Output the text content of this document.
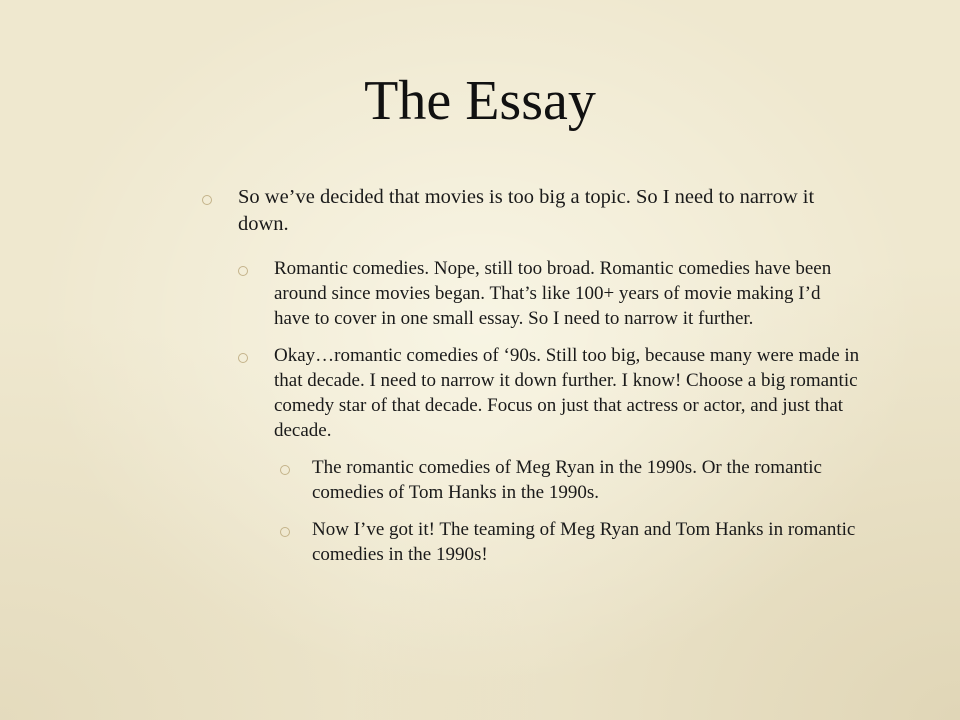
The Essay
So we’ve decided that movies is too big a topic. So I need to narrow it down.
Romantic comedies. Nope, still too broad. Romantic comedies have been around since movies began. That’s like 100+ years of movie making I’d have to cover in one small essay. So I need to narrow it further.
Okay…romantic comedies of ‘90s. Still too big, because many were made in that decade. I need to narrow it down further. I know! Choose a big romantic comedy star of that decade. Focus on just that actress or actor, and just that decade.
The romantic comedies of Meg Ryan in the 1990s. Or the romantic comedies of Tom Hanks in the 1990s.
Now I’ve got it! The teaming of Meg Ryan and Tom Hanks in romantic comedies in the 1990s!
